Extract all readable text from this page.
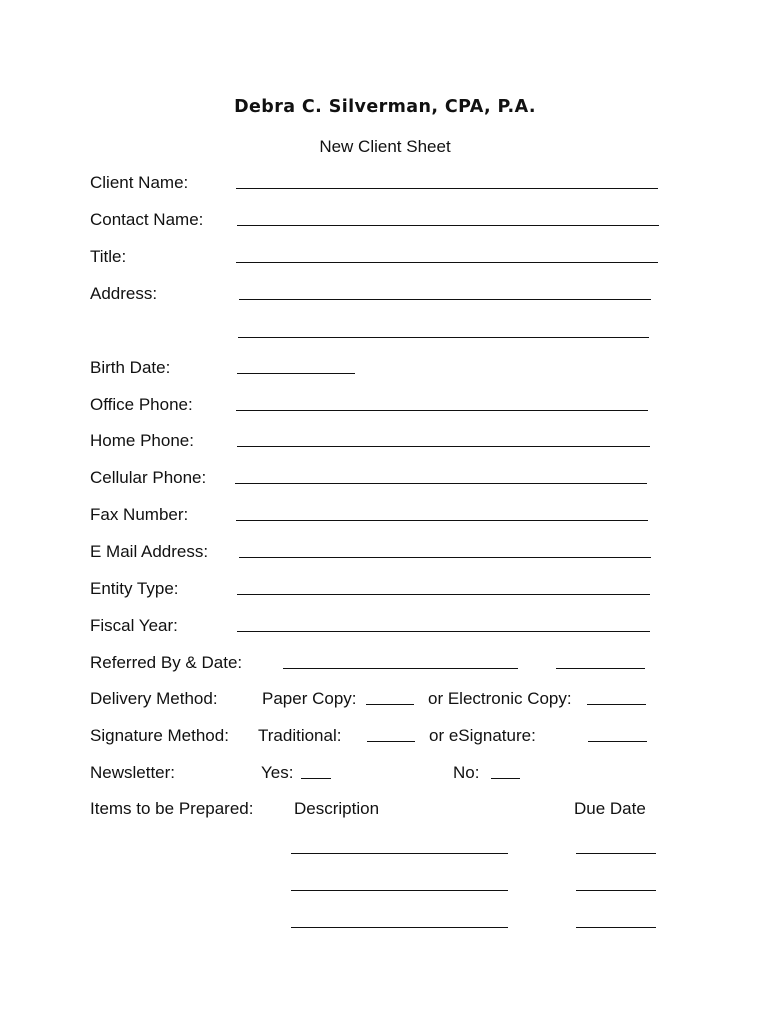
Debra C. Silverman, CPA, P.A.
New Client Sheet
Client Name:
Contact Name:
Title:
Address:
Birth Date:
Office Phone:
Home Phone:
Cellular Phone:
Fax Number:
E Mail Address:
Entity Type:
Fiscal Year:
Referred By & Date:
Delivery Method:	Paper Copy:	or Electronic Copy:
Signature Method: Traditional:	or eSignature:
Newsletter:	Yes:	No:
Items to be Prepared: Description	Due Date
